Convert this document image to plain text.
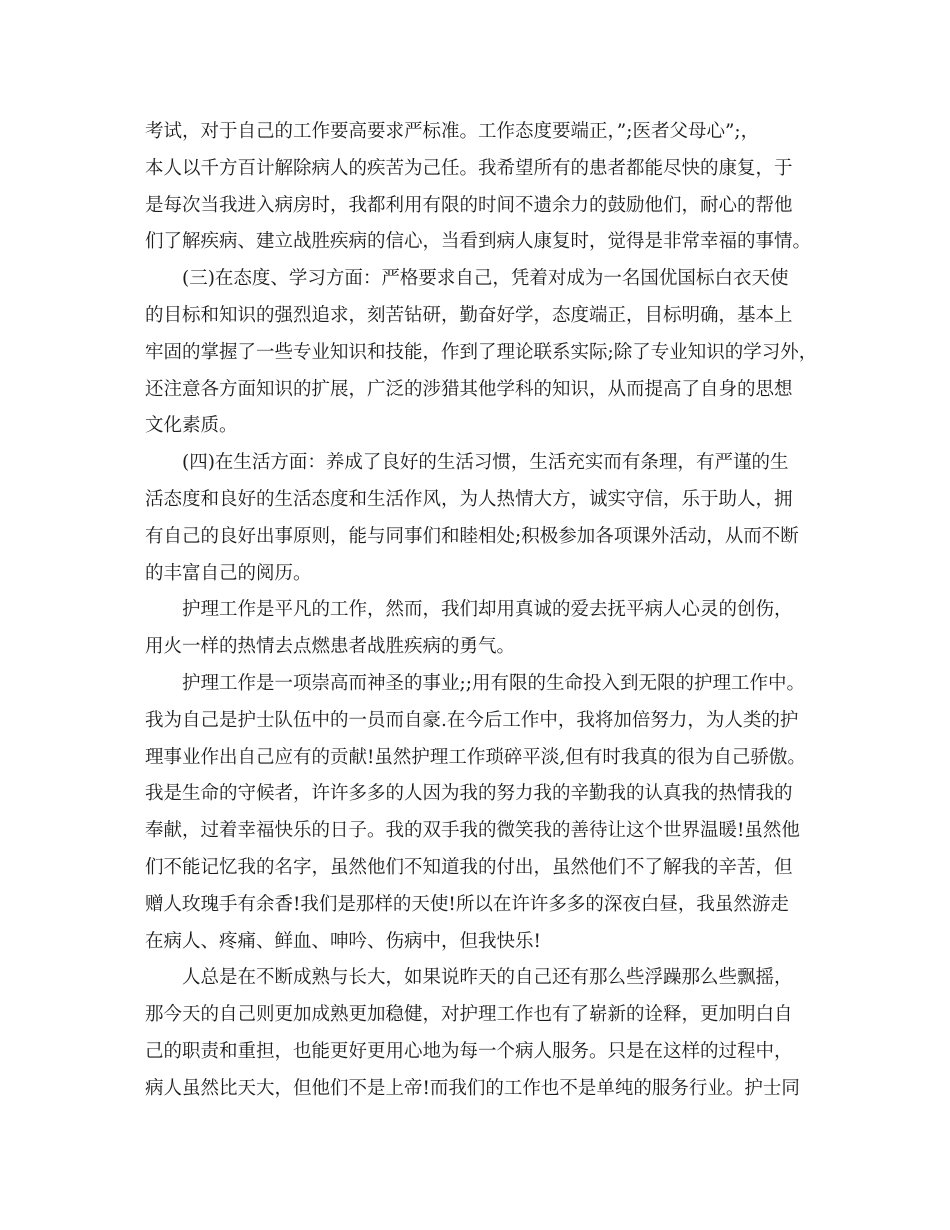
考试，对于自己的工作要高要求严标准。工作态度要端正，”;医者父母心”;，
本人以千方百计解除病人的疾苦为己任。我希望所有的患者都能尽快的康复，于
是每次当我进入病房时，我都利用有限的时间不遗余力的鼓励他们，耐心的帮他
们了解疾病、建立战胜疾病的信心，当看到病人康复时，觉得是非常幸福的事情。
(三)在态度、学习方面：严格要求自己，凭着对成为一名国优国标白衣天使
的目标和知识的强烈追求，刻苦钻研，勤奋好学，态度端正，目标明确，基本上
牢固的掌握了一些专业知识和技能，作到了理论联系实际;除了专业知识的学习外，
还注意各方面知识的扩展，广泛的涉猎其他学科的知识，从而提高了自身的思想
文化素质。
(四)在生活方面：养成了良好的生活习惯，生活充实而有条理，有严谨的生
活态度和良好的生活态度和生活作风，为人热情大方，诚实守信，乐于助人，拥
有自己的良好出事原则，能与同事们和睦相处;积极参加各项课外活动，从而不断
的丰富自己的阅历。
护理工作是平凡的工作，然而，我们却用真诚的爱去抚平病人心灵的创伤，
用火一样的热情去点燃患者战胜疾病的勇气。
护理工作是一项崇高而神圣的事业;;用有限的生命投入到无限的护理工作中。
我为自己是护士队伍中的一员而自豪.在今后工作中，我将加倍努力，为人类的护
理事业作出自己应有的贡献!虽然护理工作琐碎平淡,但有时我真的很为自己骄傲。
我是生命的守候者，许许多多的人因为我的努力我的辛勤我的认真我的热情我的
奉献，过着幸福快乐的日子。我的双手我的微笑我的善待让这个世界温暖!虽然他
们不能记忆我的名字，虽然他们不知道我的付出，虽然他们不了解我的辛苦，但
赠人玫瑰手有余香!我们是那样的天使!所以在许许多多的深夜白昼，我虽然游走
在病人、疼痛、鲜血、呻吟、伤病中，但我快乐!
人总是在不断成熟与长大，如果说昨天的自己还有那么些浮躁那么些飘摇，
那今天的自己则更加成熟更加稳健，对护理工作也有了崭新的诠释，更加明白自
己的职责和重担，也能更好更用心地为每一个病人服务。只是在这样的过程中，
病人虽然比天大，但他们不是上帝!而我们的工作也不是单纯的服务行业。护士同
